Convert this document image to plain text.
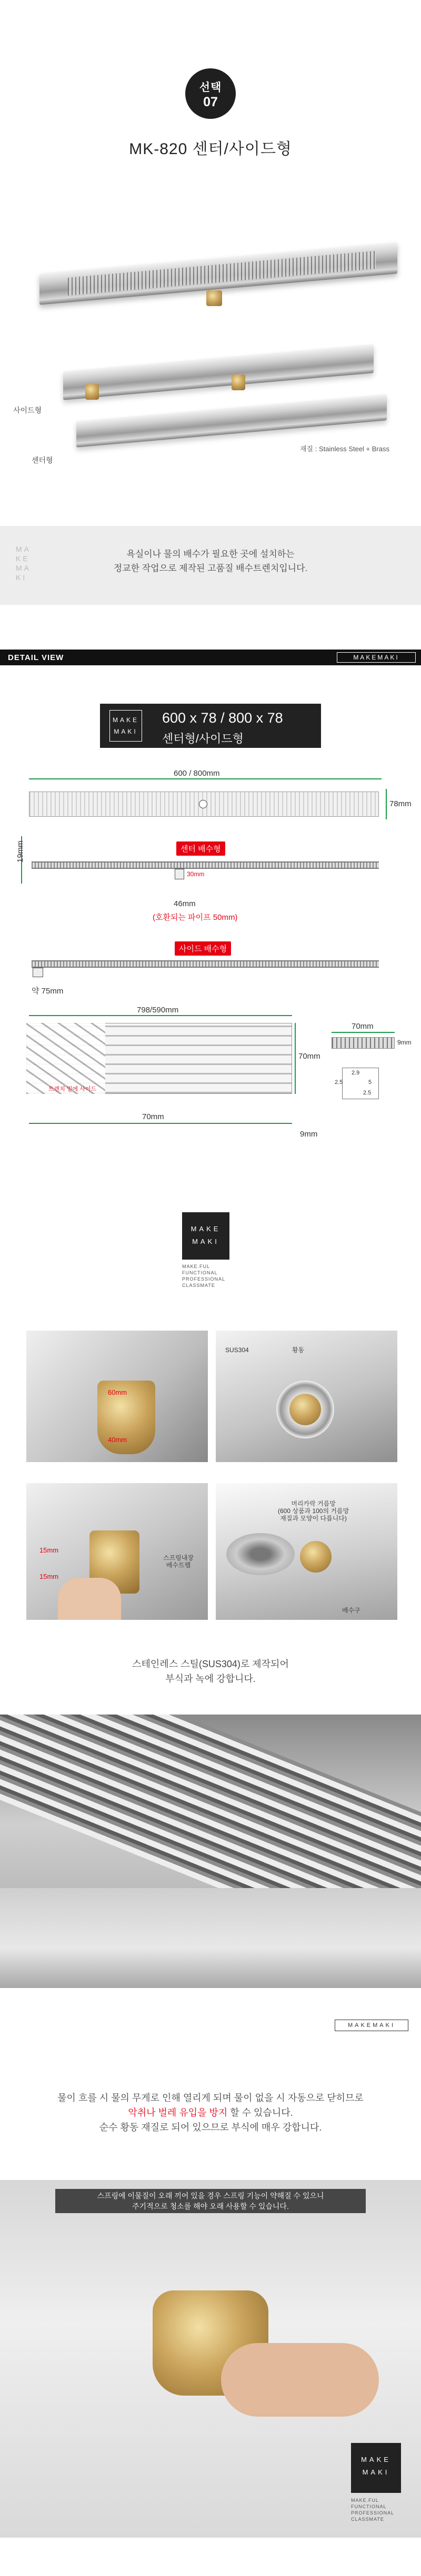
선택
07
MK-820 센터/사이드형
사이드형
센터형
재질 : Stainless Steel + Brass
MA
KE
MA
KI
욕실이나 물의 배수가 필요한 곳에 설치하는
정교한 작업으로 제작된 고품질 배수트렌치입니다.
DETAIL VIEW	MAKEMAKI
MAKE
MAKI
600 x 78 / 800 x 78
센터형/사이드형
600 / 800mm
78mm
19mm	센터 배수형
30mm
46mm
(호환되는 파이프 50mm)
사이드 배수형
약 75mm
798/590mm
트렌치 밑에 사이드
70mm
70mm
9mm
70mm
9mm
2.9
2.5	5
2.5
MAKE
MAKI
MAKE.FUL
FUNCTIONAL
PROFESSIONAL
CLASSMATE
60mm
40mm
SUS304	황동
15mm
15mm
스프링내장
배수트랩
머리카락 거름망
(600 상품과 100의 거름망
재질과 모양이 다릅니다)
배수구
스테인레스 스틸(SUS304)로 제작되어
부식과 녹에 강합니다.
MAKEMAKI
물이 흐를 시 물의 무게로 인해 열리게 되며 물이 없을 시 자동으로 닫히므로
악취나 벌레 유입을 방지 할 수 있습니다.
순수 황동 재질로 되어 있으므로 부식에 매우 강합니다.
스프링에 이물질이 오래 끼어 있을 경우 스프링 기능이 약해질 수 있으니
주기적으로 청소를 해야 오래 사용할 수 있습니다.
MAKE
MAKI
MAKE.FUL
FUNCTIONAL
PROFESSIONAL
CLASSMATE
